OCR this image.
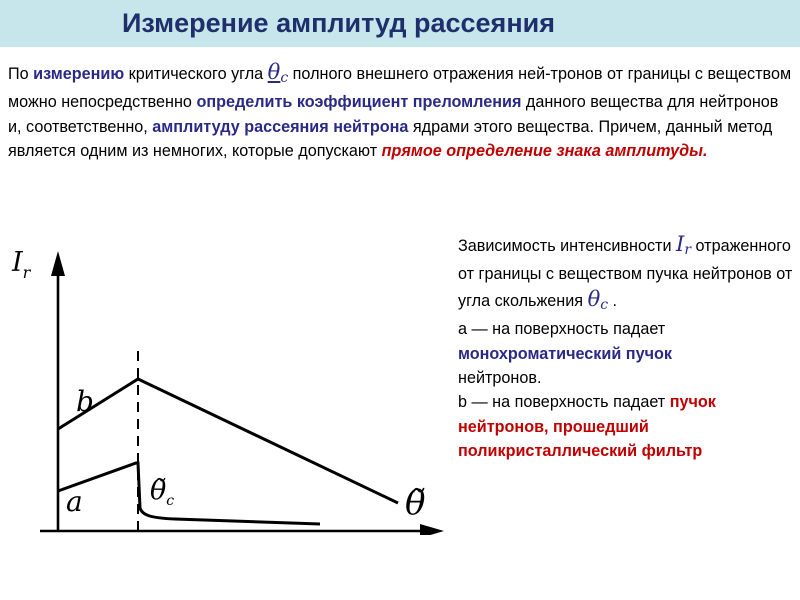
Измерение амплитуд рассеяния
По измерению критического угла $\theta_c$ полного внешнего отражения ней-тронов от границы с веществом можно непосредственно определить коэффициент преломления данного вещества для нейтронов и, соответственно, амплитуду рассеяния нейтрона ядрами этого вещества. Причем, данный метод является одним из немногих, которые допускают прямое определение знака амплитуды.
Зависимость интенсивности $I_r$ отраженного от границы с веществом пучка нейтронов от угла скольжения $\theta_c$ .
а — на поверхность падает монохроматический пучок
нейтронов.
b — на поверхность падает пучок нейтронов, прошедший поликристаллический фильтр
$I_r$
θ̃
$\thetã_c$
a
b
